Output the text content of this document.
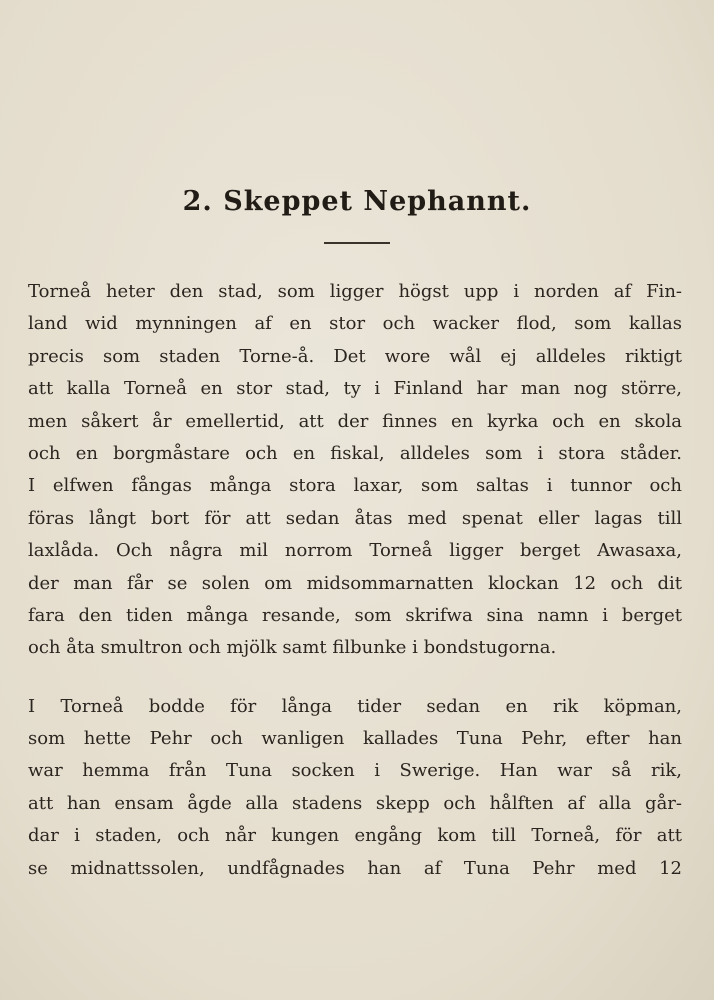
2. Skeppet Nephannt.
Torneå heter den stad, som ligger högst upp i norden af Fin-
land wid mynningen af en stor och wacker flod, som kallas
precis som staden Torne-å. Det wore wål ej alldeles riktigt
att kalla Torneå en stor stad, ty i Finland har man nog större,
men såkert år emellertid, att der finnes en kyrka och en skola
och en borgmåstare och en fiskal, alldeles som i stora ståder.
I elfwen fångas många stora laxar, som saltas i tunnor och
föras långt bort för att sedan åtas med spenat eller lagas till
laxlåda. Och några mil norrom Torneå ligger berget Awasaxa,
der man får se solen om midsommarnatten klockan 12 och dit
fara den tiden många resande, som skrifwa sina namn i berget
och åta smultron och mjölk samt filbunke i bondstugorna.
I Torneå bodde för långa tider sedan en rik köpman,
som hette Pehr och wanligen kallades Tuna Pehr, efter han
war hemma från Tuna socken i Swerige. Han war så rik,
att han ensam ågde alla stadens skepp och hålften af alla går-
dar i staden, och når kungen engång kom till Torneå, för att
se midnattssolen, undfågnades han af Tuna Pehr med 12
